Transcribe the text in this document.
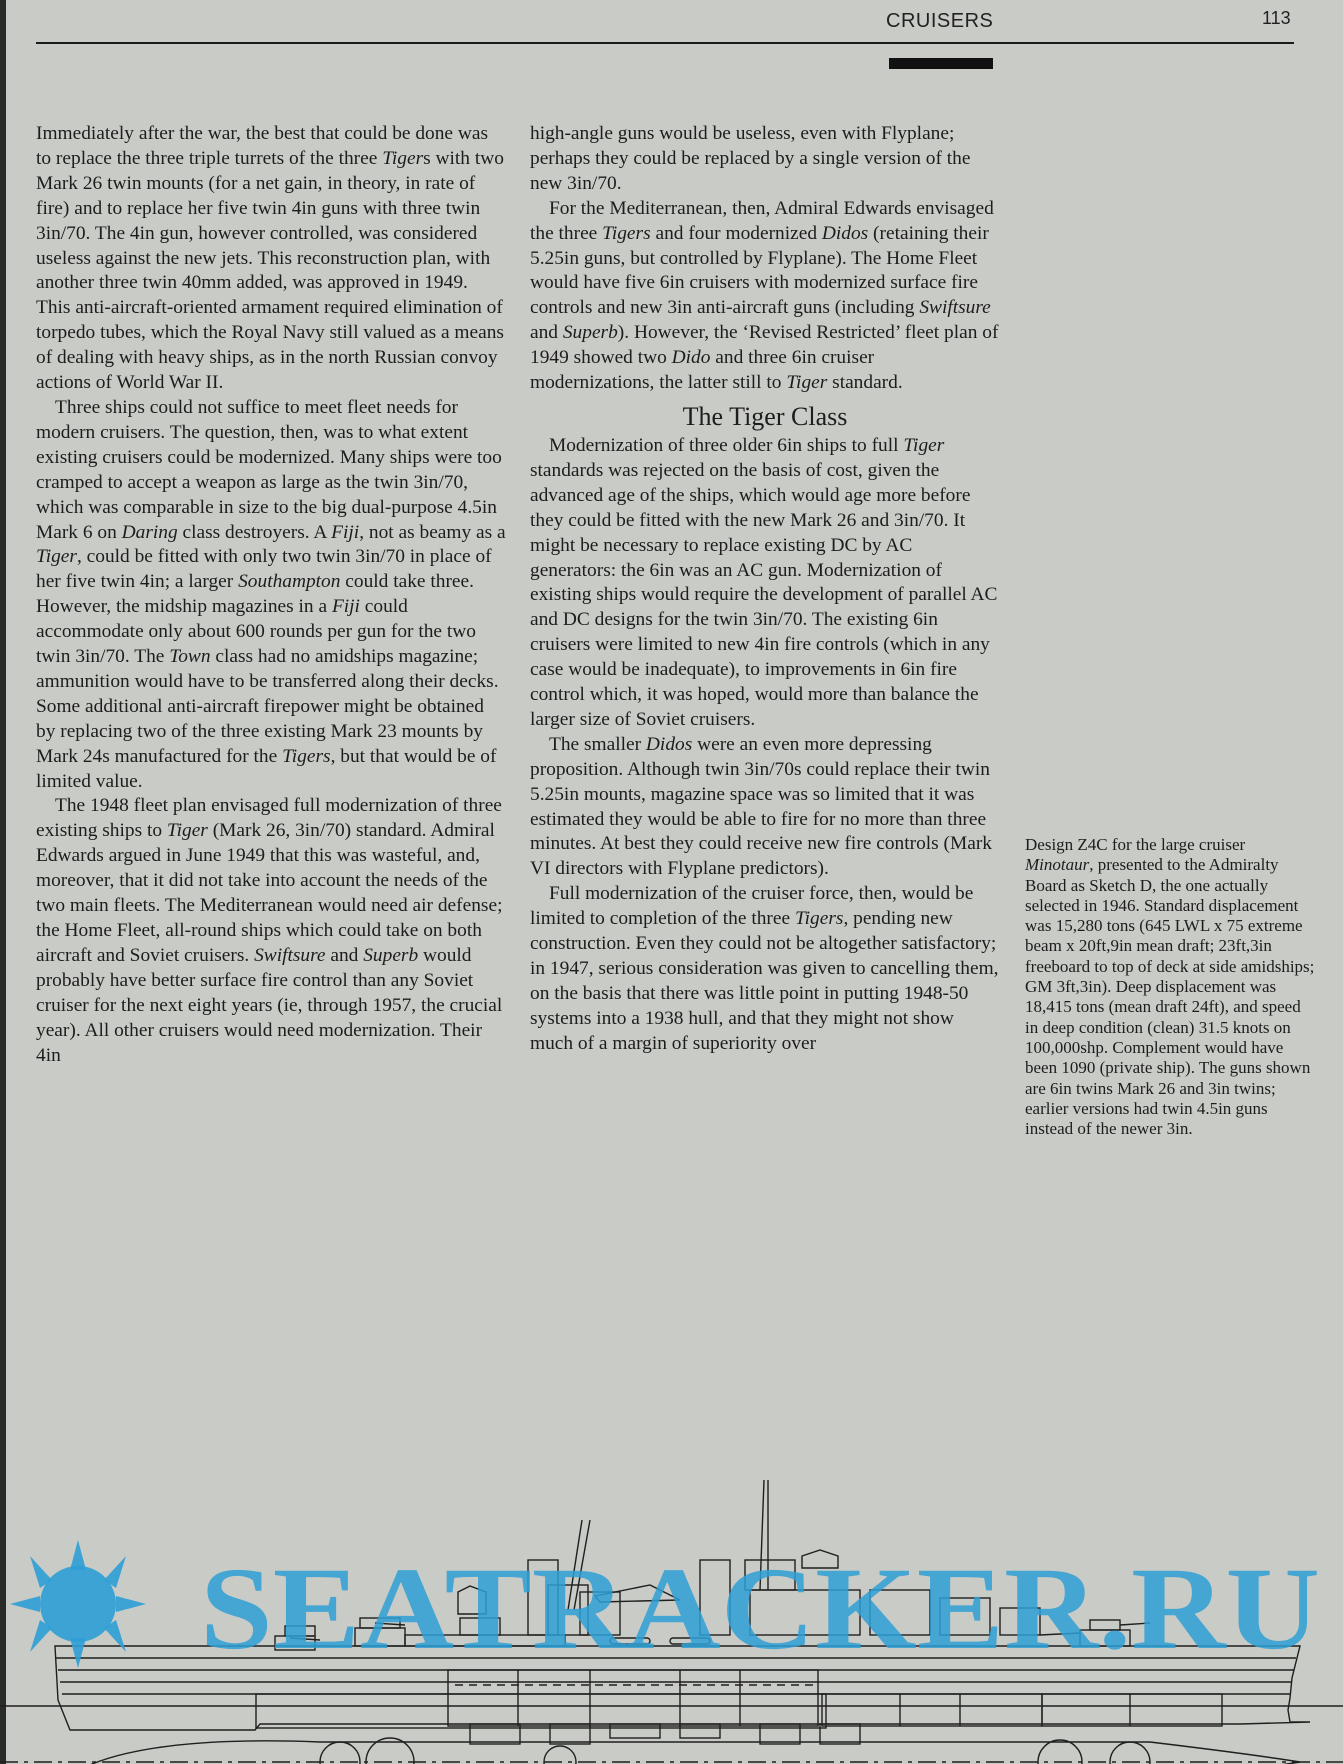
CRUISERS	113

Immediately after the war, the best that could be done was to replace the three triple turrets of the three Tigers with two Mark 26 twin mounts (for a net gain, in theory, in rate of fire) and to replace her five twin 4in guns with three twin 3in/70. The 4in gun, however controlled, was considered useless against the new jets. This reconstruction plan, with another three twin 40mm added, was approved in 1949. This anti-aircraft-oriented armament required elimination of torpedo tubes, which the Royal Navy still valued as a means of dealing with heavy ships, as in the north Russian convoy actions of World War II.

Three ships could not suffice to meet fleet needs for modern cruisers. The question, then, was to what extent existing cruisers could be modernized. Many ships were too cramped to accept a weapon as large as the twin 3in/70, which was comparable in size to the big dual-purpose 4.5in Mark 6 on Daring class destroyers. A Fiji, not as beamy as a Tiger, could be fitted with only two twin 3in/70 in place of her five twin 4in; a larger Southampton could take three. However, the midship magazines in a Fiji could accommodate only about 600 rounds per gun for the two twin 3in/70. The Town class had no amidships magazine; ammunition would have to be transferred along their decks. Some additional anti-aircraft firepower might be obtained by replacing two of the three existing Mark 23 mounts by Mark 24s manufactured for the Tigers, but that would be of limited value.

The 1948 fleet plan envisaged full modernization of three existing ships to Tiger (Mark 26, 3in/70) standard. Admiral Edwards argued in June 1949 that this was wasteful, and, moreover, that it did not take into account the needs of the two main fleets. The Mediterranean would need air defense; the Home Fleet, all-round ships which could take on both aircraft and Soviet cruisers. Swiftsure and Superb would probably have better surface fire control than any Soviet cruiser for the next eight years (ie, through 1957, the crucial year). All other cruisers would need modernization. Their 4in

high-angle guns would be useless, even with Flyplane; perhaps they could be replaced by a single version of the new 3in/70.

For the Mediterranean, then, Admiral Edwards envisaged the three Tigers and four modernized Didos (retaining their 5.25in guns, but controlled by Flyplane). The Home Fleet would have five 6in cruisers with modernized surface fire controls and new 3in anti-aircraft guns (including Swiftsure and Superb). However, the ‘Revised Restricted’ fleet plan of 1949 showed two Dido and three 6in cruiser modernizations, the latter still to Tiger standard.

The Tiger Class

Modernization of three older 6in ships to full Tiger standards was rejected on the basis of cost, given the advanced age of the ships, which would age more before they could be fitted with the new Mark 26 and 3in/70. It might be necessary to replace existing DC by AC generators: the 6in was an AC gun. Modernization of existing ships would require the development of parallel AC and DC designs for the twin 3in/70. The existing 6in cruisers were limited to new 4in fire controls (which in any case would be inadequate), to improvements in 6in fire control which, it was hoped, would more than balance the larger size of Soviet cruisers.

The smaller Didos were an even more depressing proposition. Although twin 3in/70s could replace their twin 5.25in mounts, magazine space was so limited that it was estimated they would be able to fire for no more than three minutes. At best they could receive new fire controls (Mark VI directors with Flyplane predictors).

Full modernization of the cruiser force, then, would be limited to completion of the three Tigers, pending new construction. Even they could not be altogether satisfactory; in 1947, serious consideration was given to cancelling them, on the basis that there was little point in putting 1948-50 systems into a 1938 hull, and that they might not show much of a margin of superiority over

Design Z4C for the large cruiser Minotaur, presented to the Admiralty Board as Sketch D, the one actually selected in 1946. Standard displacement was 15,280 tons (645 LWL x 75 extreme beam x 20ft,9in mean draft; 23ft,3in freeboard to top of deck at side amidships; GM 3ft,3in). Deep displacement was 18,415 tons (mean draft 24ft), and speed in deep condition (clean) 31.5 knots on 100,000shp. Complement would have been 1090 (private ship). The guns shown are 6in twins Mark 26 and 3in twins; earlier versions had twin 4.5in guns instead of the newer 3in.
SEATRACKER.RU
